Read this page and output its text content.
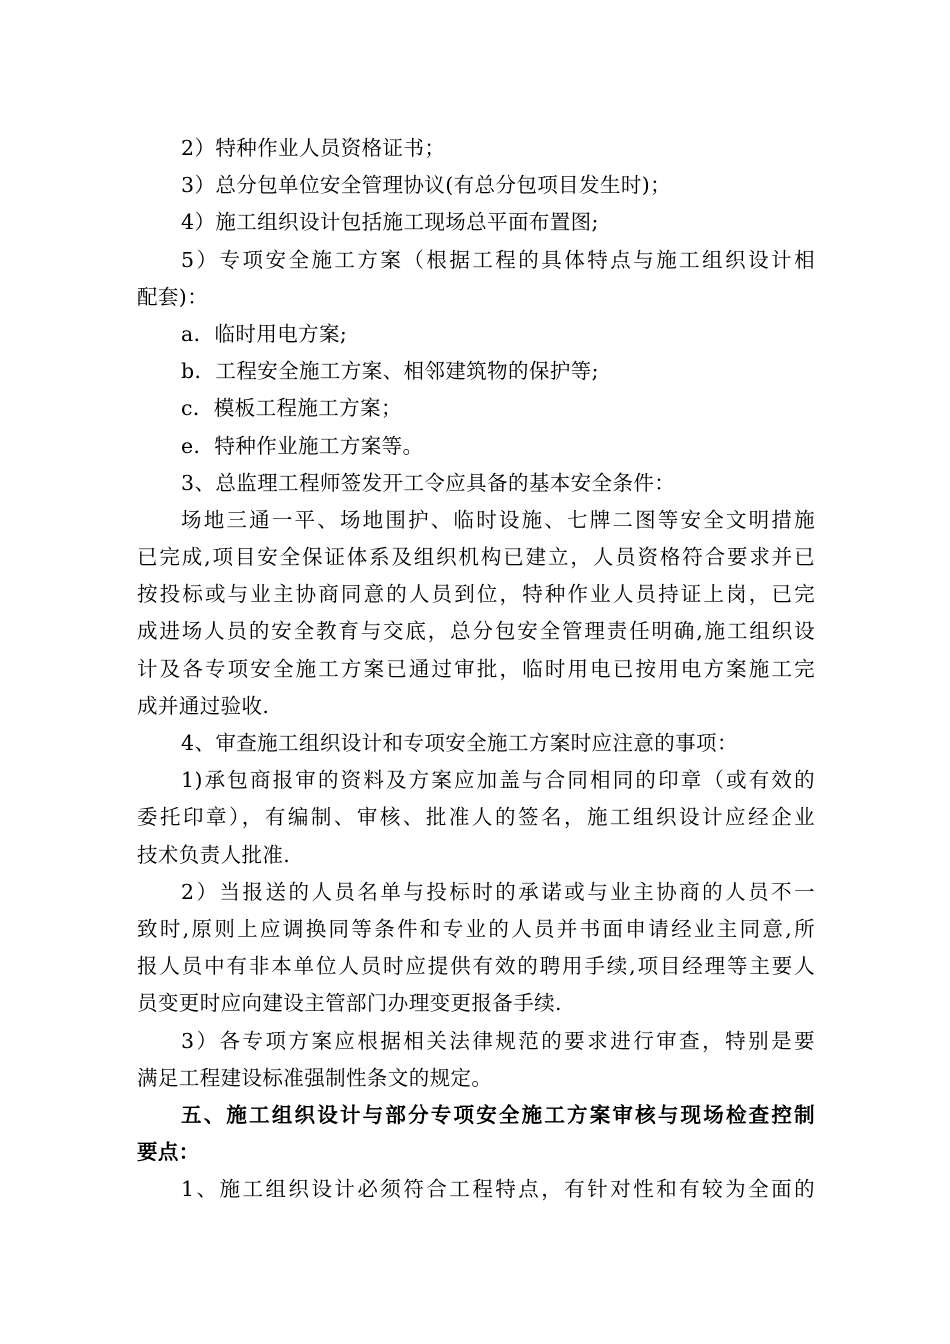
2）特种作业人员资格证书；
3）总分包单位安全管理协议(有总分包项目发生时)；
4）施工组织设计包括施工现场总平面布置图;
5）专项安全施工方案（根据工程的具体特点与施工组织设计相
配套)：
a．临时用电方案;
b．工程安全施工方案、相邻建筑物的保护等;
c．模板工程施工方案；
e．特种作业施工方案等。
3、总监理工程师签发开工令应具备的基本安全条件：
场地三通一平、场地围护、临时设施、七牌二图等安全文明措施
已完成,项目安全保证体系及组织机构已建立，人员资格符合要求并已
按投标或与业主协商同意的人员到位，特种作业人员持证上岗，已完
成进场人员的安全教育与交底，总分包安全管理责任明确,施工组织设
计及各专项安全施工方案已通过审批，临时用电已按用电方案施工完
成并通过验收.
4、审查施工组织设计和专项安全施工方案时应注意的事项：
1)承包商报审的资料及方案应加盖与合同相同的印章（或有效的
委托印章），有编制、审核、批准人的签名，施工组织设计应经企业
技术负责人批准.
2）当报送的人员名单与投标时的承诺或与业主协商的人员不一
致时,原则上应调换同等条件和专业的人员并书面申请经业主同意,所
报人员中有非本单位人员时应提供有效的聘用手续,项目经理等主要人
员变更时应向建设主管部门办理变更报备手续.
3）各专项方案应根据相关法律规范的要求进行审查，特别是要
满足工程建设标准强制性条文的规定。
五、施工组织设计与部分专项安全施工方案审核与现场检查控制
要点：
1、施工组织设计必须符合工程特点，有针对性和有较为全面的
